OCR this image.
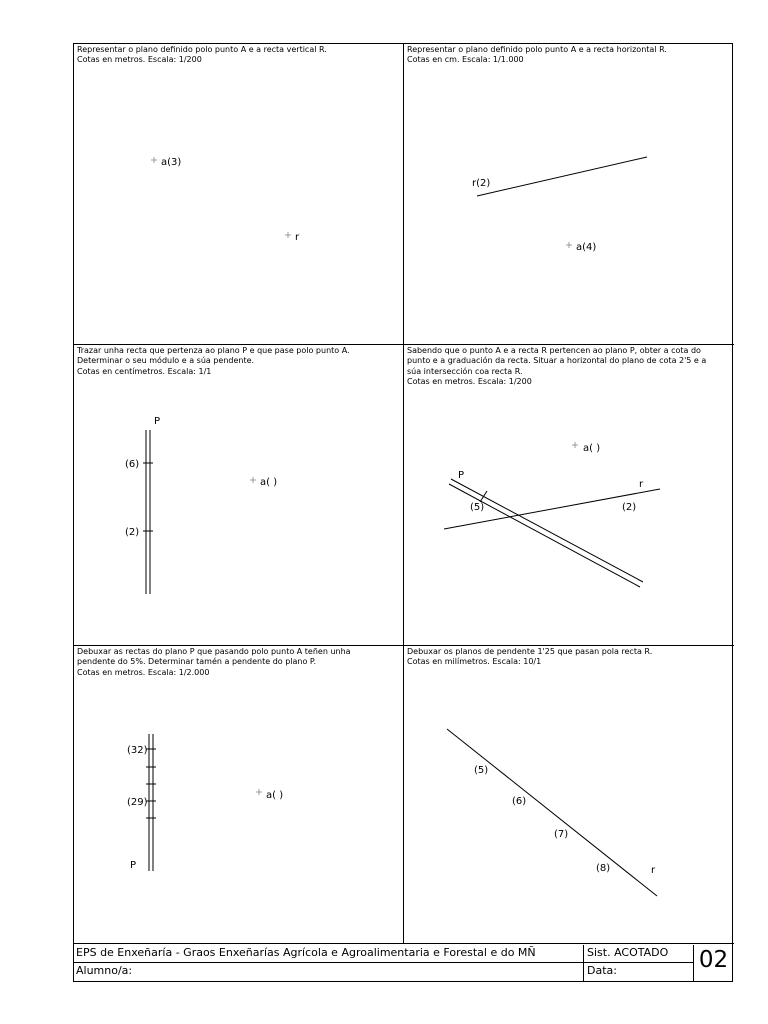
Representar o plano definido polo punto A e a recta vertical R.
Cotas en metros. Escala: 1/200
Representar o plano definido polo punto A e a recta horizontal R.
Cotas en cm. Escala: 1/1.000
Trazar unha recta que pertenza ao plano P e que pase polo punto A.
Determinar o seu módulo e a súa pendente.
Cotas en centímetros. Escala: 1/1
Sabendo que o punto A e a recta R pertencen ao plano P, obter a cota do
punto e a graduación da recta. Situar a horizontal do plano de cota 2'5 e a
súa intersección coa recta R.
Cotas en metros. Escala: 1/200
Debuxar as rectas do plano P que pasando polo punto A teñen unha
pendente do 5%. Determinar tamén a pendente do plano P.
Cotas en metros. Escala: 1/2.000
Debuxar os planos de pendente 1'25 que pasan pola recta R.
Cotas en milímetros. Escala: 10/1
a(3)
r
r(2)
a(4)
P
(6)
(2)
a( )
a( )
P
(5)
r
(2)
(32)
(29)
P
a( )
(5)
(6)
(7)
(8)	r
EPS de Enxeñaría - Graos Enxeñarías Agrícola e Agroalimentaria e Forestal e do MÑ	Sist. ACOTADO
Alumno/a:	Data:	02
